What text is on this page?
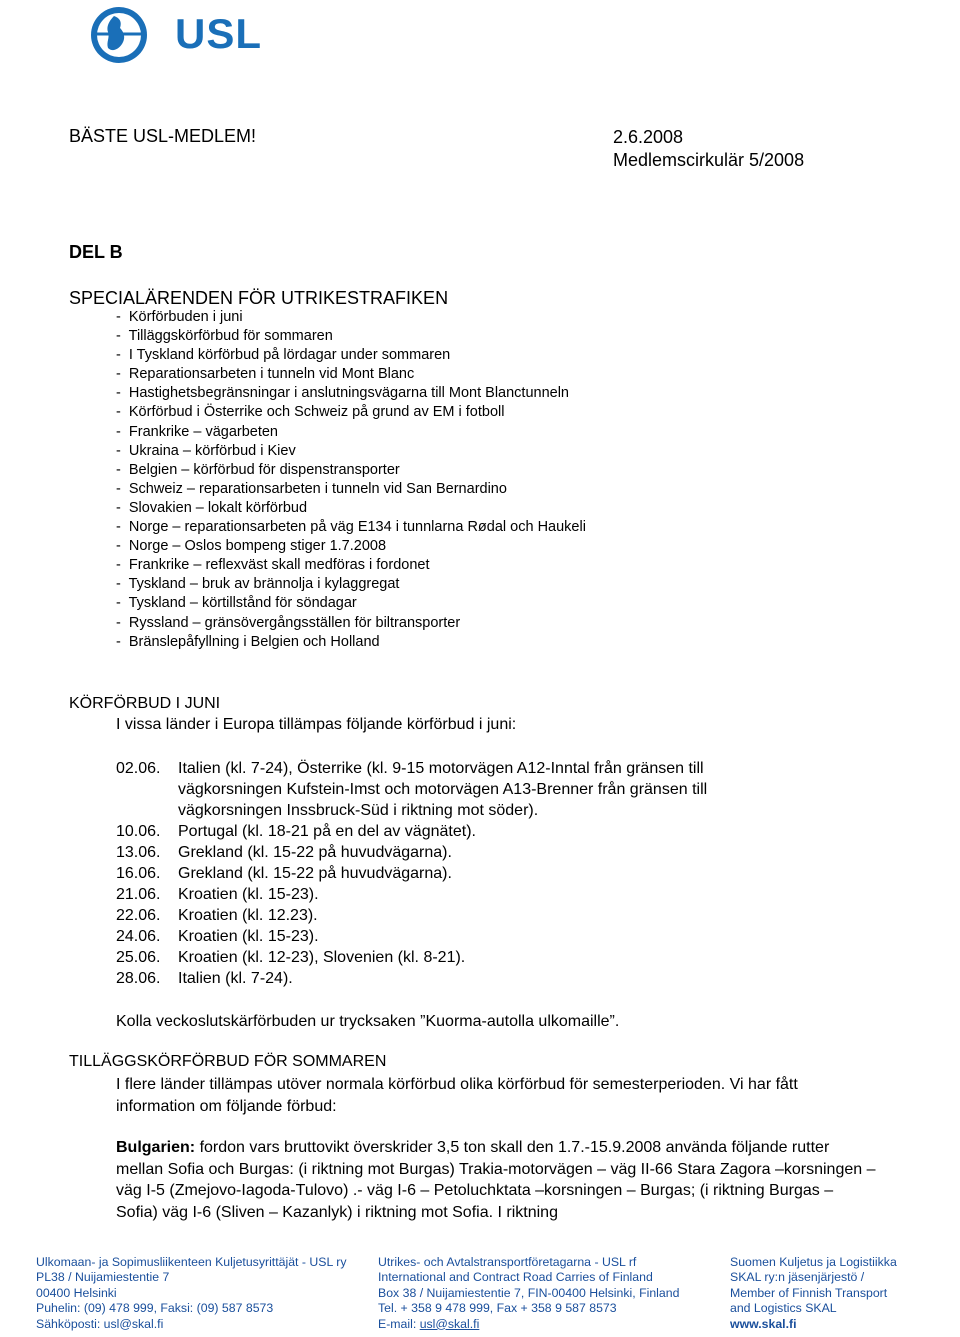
USL
BÄSTE USL-MEDLEM!	2.6.2008
Medlemscirkulär 5/2008
DEL B
SPECIALÄRENDEN FÖR UTRIKESTRAFIKEN
- Körförbuden i juni
- Tilläggskörförbud för sommaren
- I Tyskland körförbud på lördagar under sommaren
- Reparationsarbeten i tunneln vid Mont Blanc
- Hastighetsbegränsningar i anslutningsvägarna till Mont Blanctunneln
- Körförbud i Österrike och Schweiz på grund av EM i fotboll
- Frankrike – vägarbeten
- Ukraina – körförbud i Kiev
- Belgien – körförbud för dispenstransporter
- Schweiz – reparationsarbeten i tunneln vid San Bernardino
- Slovakien – lokalt körförbud
- Norge – reparationsarbeten på väg E134 i tunnlarna Rødal och Haukeli
- Norge – Oslos bompeng stiger 1.7.2008
- Frankrike – reflexväst skall medföras i fordonet
- Tyskland – bruk av brännolja i kylaggregat
- Tyskland – körtillstånd för söndagar
- Ryssland – gränsövergångsställen för biltransporter
- Bränslepåfyllning i Belgien och Holland
KÖRFÖRBUD I JUNI
I vissa länder i Europa tillämpas följande körförbud i juni:
02.06.	Italien (kl. 7-24), Österrike (kl. 9-15 motorvägen A12-Inntal från gränsen till vägkorsningen Kufstein-Imst och motorvägen A13-Brenner från gränsen till vägkorsningen Inssbruck-Süd i riktning mot söder).
10.06.	Portugal (kl. 18-21 på en del av vägnätet).
13.06.	Grekland (kl. 15-22 på huvudvägarna).
16.06.	Grekland (kl. 15-22 på huvudvägarna).
21.06.	Kroatien (kl. 15-23).
22.06.	Kroatien (kl. 12.23).
24.06.	Kroatien (kl. 15-23).
25.06.	Kroatien (kl. 12-23), Slovenien (kl. 8-21).
28.06.	Italien (kl. 7-24).
Kolla veckoslutskärförbuden ur trycksaken ”Kuorma-autolla ulkomaille”.
TILLÄGGSKÖRFÖRBUD FÖR SOMMAREN
I flere länder tillämpas utöver normala körförbud olika körförbud för semesterperioden. Vi har fått information om följande förbud:
Bulgarien: fordon vars bruttovikt överskrider 3,5 ton skall den 1.7.-15.9.2008 använda följande rutter mellan Sofia och Burgas: (i riktning mot Burgas) Trakia-motorvägen – väg II-66 Stara Zagora –korsningen – väg I-5 (Zmejovo-Iagoda-Tulovo) .- väg I-6 – Petoluchktata –korsningen – Burgas; (i riktning Burgas – Sofia) väg I-6 (Sliven – Kazanlyk) i riktning mot Sofia. I riktning
Ulkomaan- ja Sopimusliikenteen Kuljetusyrittäjät - USL ry
PL38 / Nuijamiestentie 7
00400 Helsinki
Puhelin: (09) 478 999, Faksi: (09) 587 8573
Sähköposti: usl@skal.fi
Utrikes- och Avtalstransportföretagarna - USL rf
International and Contract Road Carries of Finland
Box 38 / Nuijamiestentie 7, FIN-00400 Helsinki, Finland
Tel. + 358 9 478 999, Fax + 358 9 587 8573
E-mail: usl@skal.fi
Suomen Kuljetus ja Logistiikka
SKAL ry:n jäsenjärjestö /
Member of Finnish Transport
and Logistics SKAL
www.skal.fi
